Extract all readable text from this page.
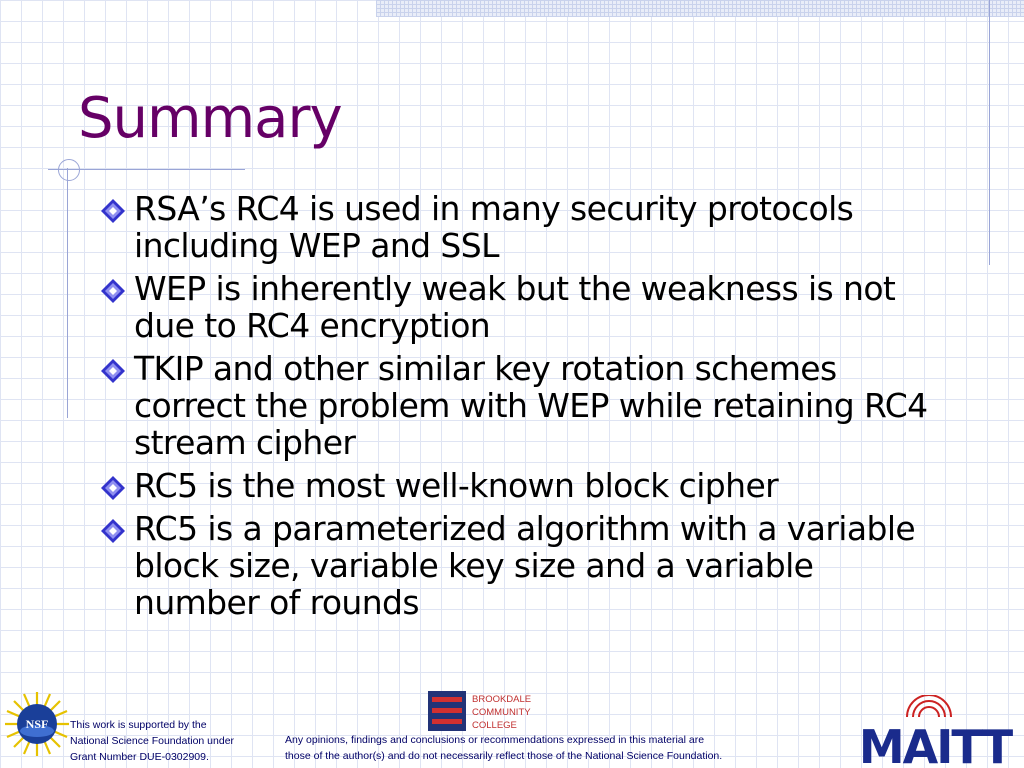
Summary
RSA’s RC4 is used in many security protocols
including WEP and SSL
WEP is inherently weak but the weakness is not
due to RC4 encryption
TKIP and other similar key rotation schemes
correct the problem with WEP while retaining RC4
stream cipher
RC5 is the most well-known block cipher
RC5 is a parameterized algorithm with a variable
block size, variable key size and a variable
number of rounds
NSF This work is supported by the
National Science Foundation under
Grant Number DUE-0302909.
BROOKDALE
COMMUNITY
COLLEGE
Any opinions, findings and conclusions or recommendations expressed in this material are
those of the author(s) and do not necessarily reflect those of the National Science Foundation.	MAITT
